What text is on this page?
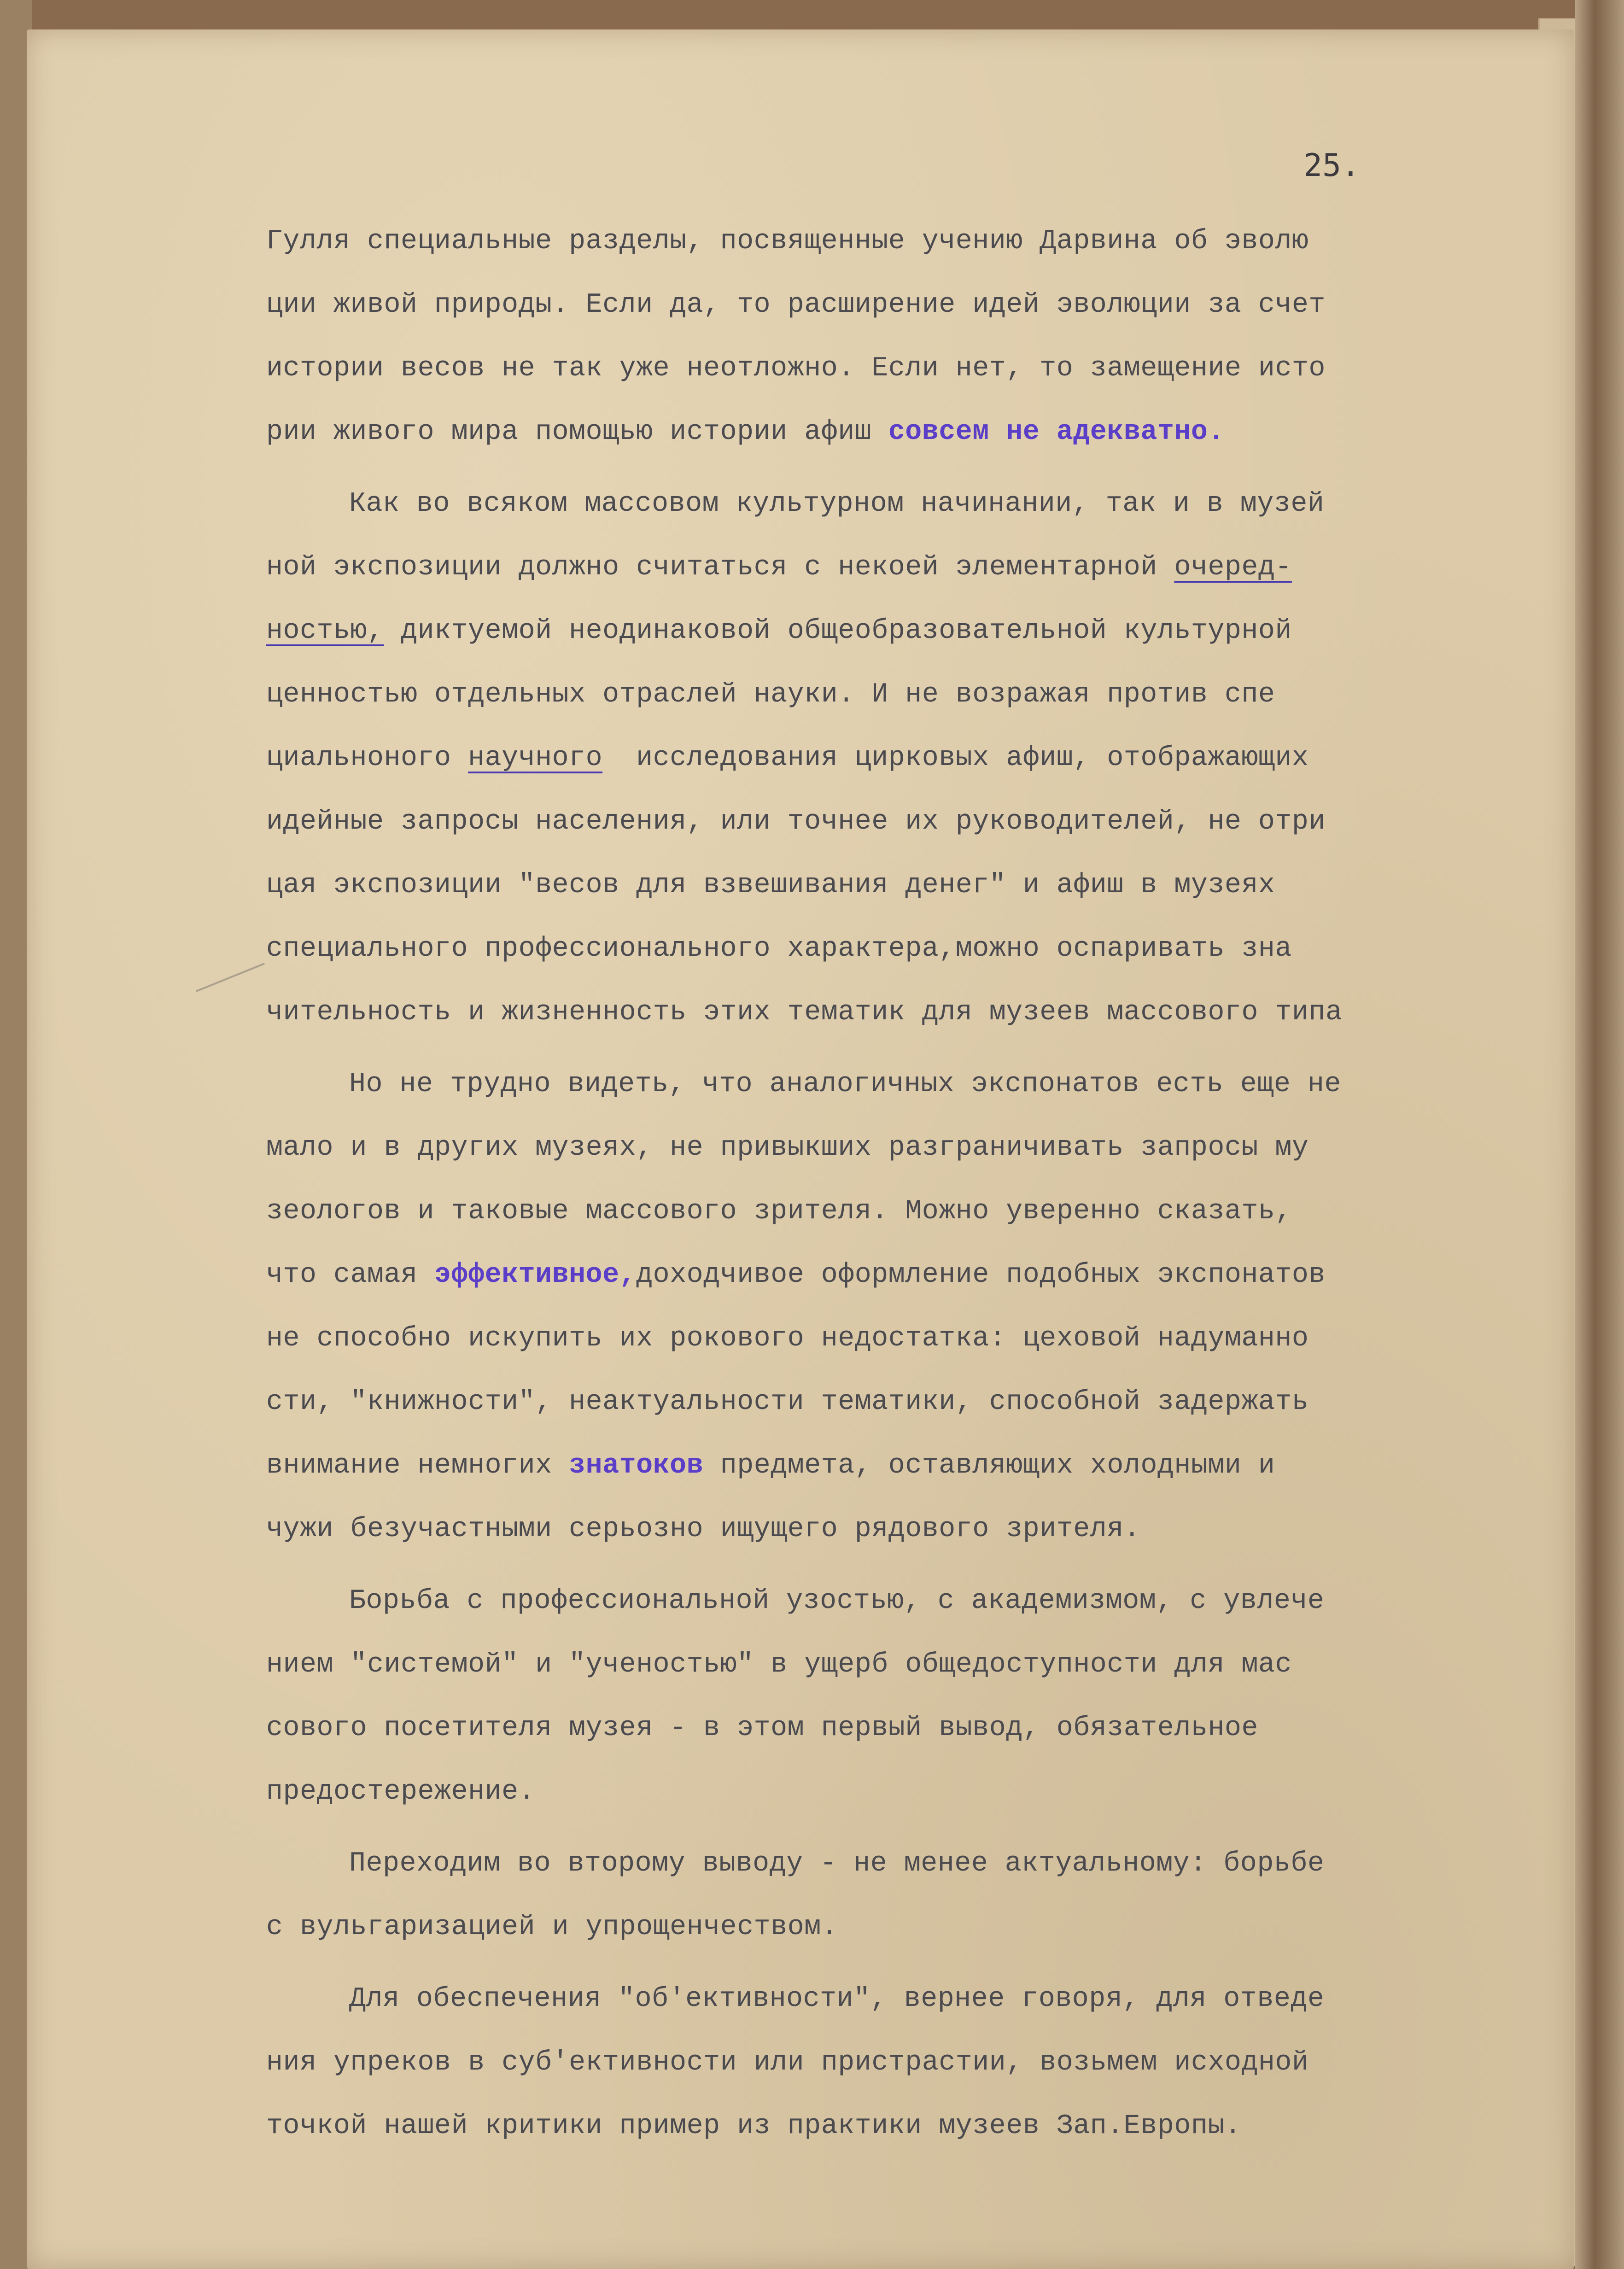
25.
Гулля специальные разделы, посвященные учению Дарвина об эволю
ции живой природы. Если да, то расширение идей эволюции за счет
истории весов не так уже неотложно. Если нет, то замещение исто
рии живого мира помощью истории афиш совсем не адекватно.
Как во всяком массовом культурном начинании, так и в музей
ной экспозиции должно считаться с некоей элементарной очеред-
ностью, диктуемой неодинаковой общеобразовательной культурной
ценностью отдельных отраслей науки. И не возражая против спе
циальноного научного исследования цирковых афиш, отображающих
идейные запросы населения, или точнее их руководителей, не отри
цая экспозиции "весов для взвешивания денег" и афиш в музеях
специального профессионального характера,можно оспаривать зна
чительность и жизненность этих тематик для музеев массового типа
Но не трудно видеть, что аналогичных экспонатов есть еще не
мало и в других музеях, не привыкших разграничивать запросы му
зеологов и таковые массового зрителя. Можно уверенно сказать,
что самая эффективное,доходчивое оформление подобных экспонатов
не способно искупить их рокового недостатка: цеховой надуманно
сти, "книжности", неактуальности тематики, способной задержать
внимание немногих знатоков предмета, оставляющих холодными и
чужи безучастными серьозно ищущего рядового зрителя.
Борьба с профессиональной узостью, с академизмом, с увлече
нием "системой" и "ученостью" в ущерб общедоступности для мас
сового посетителя музея - в этом первый вывод, обязательное
предостережение.
Переходим во второму выводу - не менее актуальному: борьбе
с вульгаризацией и упрощенчеством.
Для обеспечения "об'ективности", вернее говоря, для отведе
ния упреков в суб'ективности или пристрастии, возьмем исходной
точкой нашей критики пример из практики музеев Зап.Европы.
